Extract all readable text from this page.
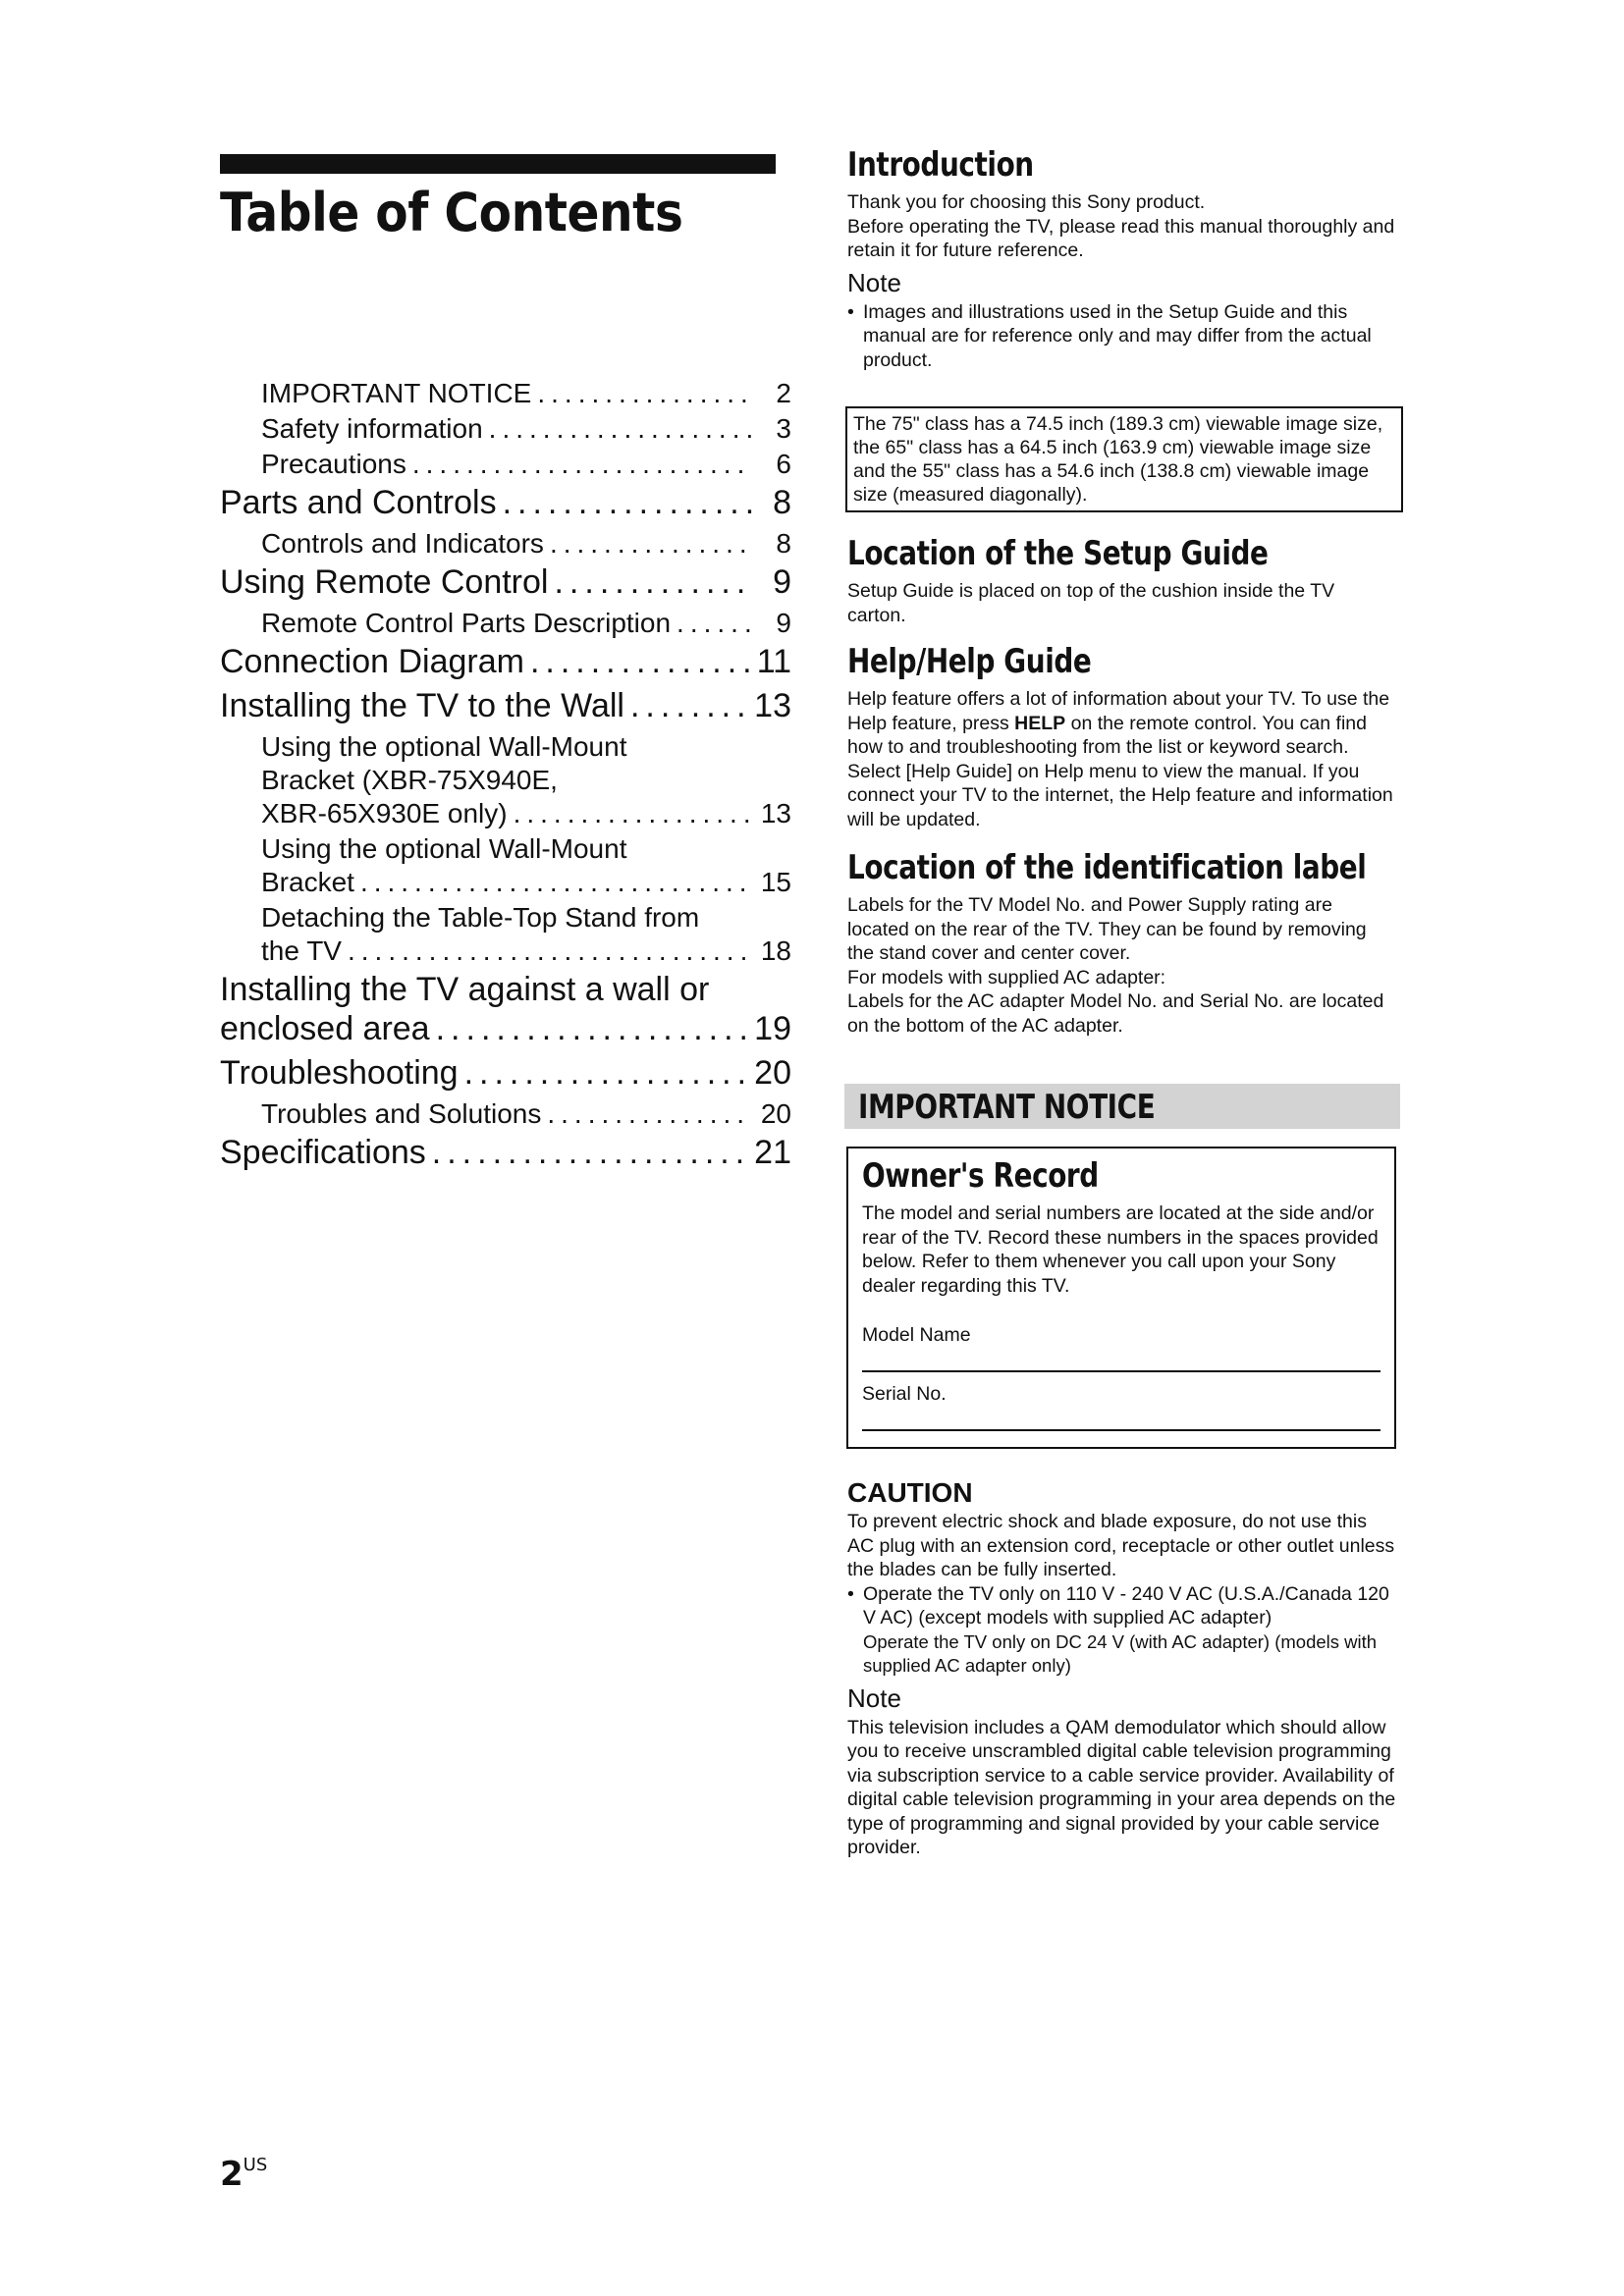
Table of Contents
IMPORTANT NOTICE .....	2
Safety information .....	3
Precautions .....	6
Parts and Controls .....	8
Controls and Indicators .....	8
Using Remote Control .....	9
Remote Control Parts Description .....	9
Connection Diagram .....	11
Installing the TV to the Wall .....	13
Using the optional Wall-Mount
Bracket (XBR-75X940E,
XBR-65X930E only) .....	13
Using the optional Wall-Mount
Bracket .....	15
Detaching the Table-Top Stand from
the TV .....	18
Installing the TV against a wall or
enclosed area .....	19
Troubleshooting .....	20
Troubles and Solutions .....	20
Specifications .....	21
Introduction

Thank you for choosing this Sony product.

Before operating the TV, please read this manual thoroughly and retain it for future reference.

Note

• Images and illustrations used in the Setup Guide and this manual are for reference only and may differ from the actual product.

The 75" class has a 74.5 inch (189.3 cm) viewable image size, the 65" class has a 64.5 inch (163.9 cm) viewable image size and the 55" class has a 54.6 inch (138.8 cm) viewable image size (measured diagonally).
Location of the Setup Guide

Setup Guide is placed on top of the cushion inside the TV carton.

Help/Help Guide

Help feature offers a lot of information about your TV. To use the Help feature, press HELP on the remote control. You can find how to and troubleshooting from the list or keyword search. Select [Help Guide] on Help menu to view the manual. If you connect your TV to the internet, the Help feature and information will be updated.

Location of the identification label

Labels for the TV Model No. and Power Supply rating are located on the rear of the TV. They can be found by removing the stand cover and center cover.

For models with supplied AC adapter:

Labels for the AC adapter Model No. and Serial No. are located on the bottom of the AC adapter.

IMPORTANT NOTICE
Owner's Record

The model and serial numbers are located at the side and/or rear of the TV. Record these numbers in the spaces provided below. Refer to them whenever you call upon your Sony dealer regarding this TV.

Model Name
Serial No.
CAUTION

To prevent electric shock and blade exposure, do not use this AC plug with an extension cord, receptacle or other outlet unless the blades can be fully inserted.

• Operate the TV only on 110 V - 240 V AC (U.S.A./Canada 120 V AC) (except models with supplied AC adapter)

Operate the TV only on DC 24 V (with AC adapter) (models with supplied AC adapter only)

Note

This television includes a QAM demodulator which should allow you to receive unscrambled digital cable television programming via subscription service to a cable service provider. Availability of digital cable television programming in your area depends on the type of programming and signal provided by your cable service provider.

$2^{US}$
